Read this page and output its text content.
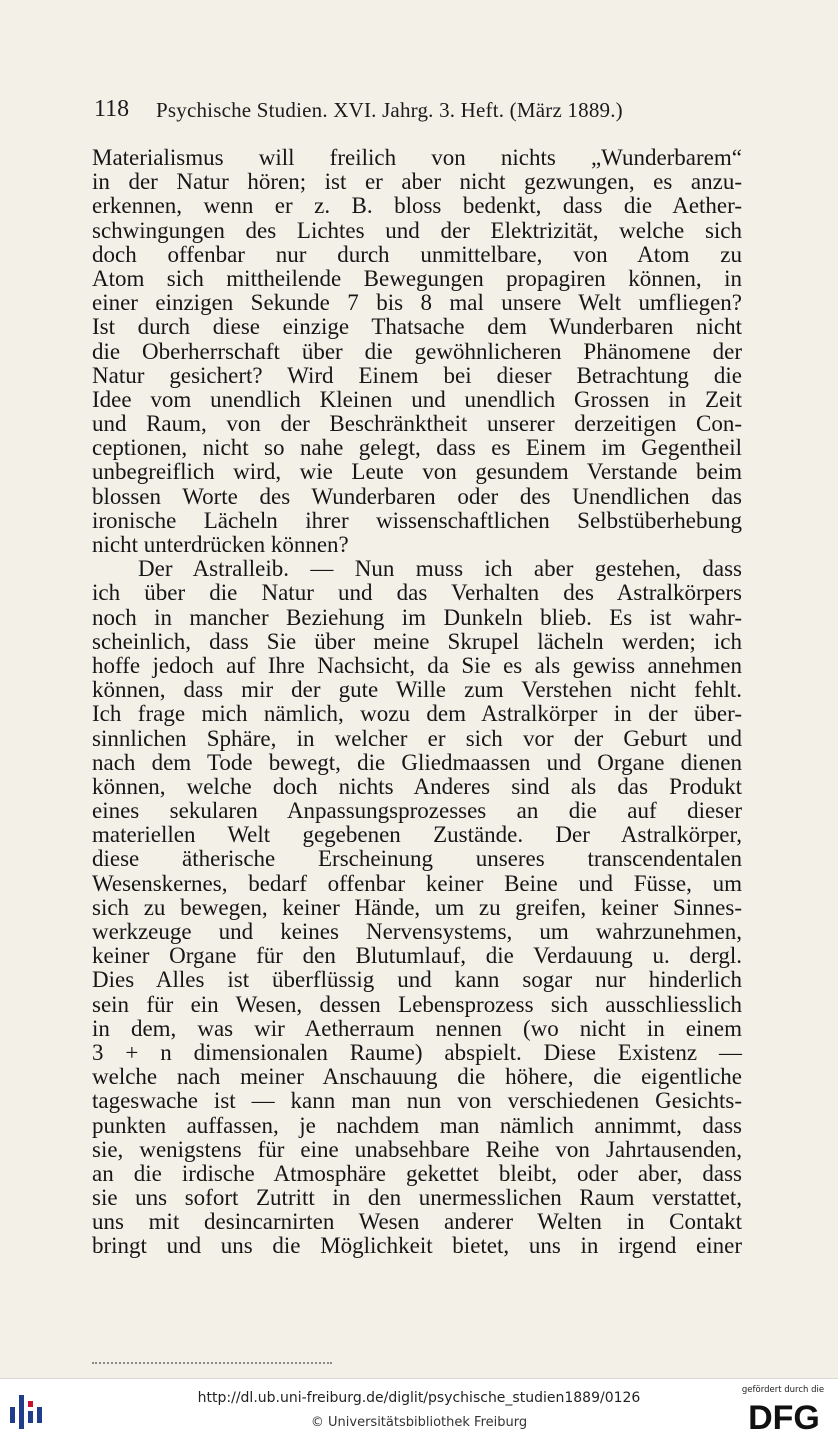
118 Psychische Studien. XVI. Jahrg. 3. Heft. (März 1889.)
Materialismus will freilich von nichts „Wunderbarem“
in der Natur hören; ist er aber nicht gezwungen, es anzu-
erkennen, wenn er z. B. bloss bedenkt, dass die Aether-
schwingungen des Lichtes und der Elektrizität, welche sich
doch offenbar nur durch unmittelbare, von Atom zu
Atom sich mittheilende Bewegungen propagiren können, in
einer einzigen Sekunde 7 bis 8 mal unsere Welt umfliegen?
Ist durch diese einzige Thatsache dem Wunderbaren nicht
die Oberherrschaft über die gewöhnlicheren Phänomene der
Natur gesichert? Wird Einem bei dieser Betrachtung die
Idee vom unendlich Kleinen und unendlich Grossen in Zeit
und Raum, von der Beschränktheit unserer derzeitigen Con-
ceptionen, nicht so nahe gelegt, dass es Einem im Gegentheil
unbegreiflich wird, wie Leute von gesundem Verstande beim
blossen Worte des Wunderbaren oder des Unendlichen das
ironische Lächeln ihrer wissenschaftlichen Selbstüberhebung
nicht unterdrücken können?
Der Astralleib. — Nun muss ich aber gestehen, dass
ich über die Natur und das Verhalten des Astralkörpers
noch in mancher Beziehung im Dunkeln blieb. Es ist wahr-
scheinlich, dass Sie über meine Skrupel lächeln werden; ich
hoffe jedoch auf Ihre Nachsicht, da Sie es als gewiss annehmen
können, dass mir der gute Wille zum Verstehen nicht fehlt.
Ich frage mich nämlich, wozu dem Astralkörper in der über-
sinnlichen Sphäre, in welcher er sich vor der Geburt und
nach dem Tode bewegt, die Gliedmaassen und Organe dienen
können, welche doch nichts Anderes sind als das Produkt
eines sekularen Anpassungsprozesses an die auf dieser
materiellen Welt gegebenen Zustände. Der Astralkörper,
diese ätherische Erscheinung unseres transcendentalen
Wesenskernes, bedarf offenbar keiner Beine und Füsse, um
sich zu bewegen, keiner Hände, um zu greifen, keiner Sinnes-
werkzeuge und keines Nervensystems, um wahrzunehmen,
keiner Organe für den Blutumlauf, die Verdauung u. dergl.
Dies Alles ist überflüssig und kann sogar nur hinderlich
sein für ein Wesen, dessen Lebensprozess sich ausschliesslich
in dem, was wir Aetherraum nennen (wo nicht in einem
3 + n dimensionalen Raume) abspielt. Diese Existenz —
welche nach meiner Anschauung die höhere, die eigentliche
tageswache ist — kann man nun von verschiedenen Gesichts-
punkten auffassen, je nachdem man nämlich annimmt, dass
sie, wenigstens für eine unabsehbare Reihe von Jahrtausenden,
an die irdische Atmosphäre gekettet bleibt, oder aber, dass
sie uns sofort Zutritt in den unermesslichen Raum verstattet,
uns mit desincarnirten Wesen anderer Welten in Contakt
bringt und uns die Möglichkeit bietet, uns in irgend einer
http://dl.ub.uni-freiburg.de/diglit/psychische_studien1889/0126
© Universitätsbibliothek Freiburg
gefördert durch die
DFG
